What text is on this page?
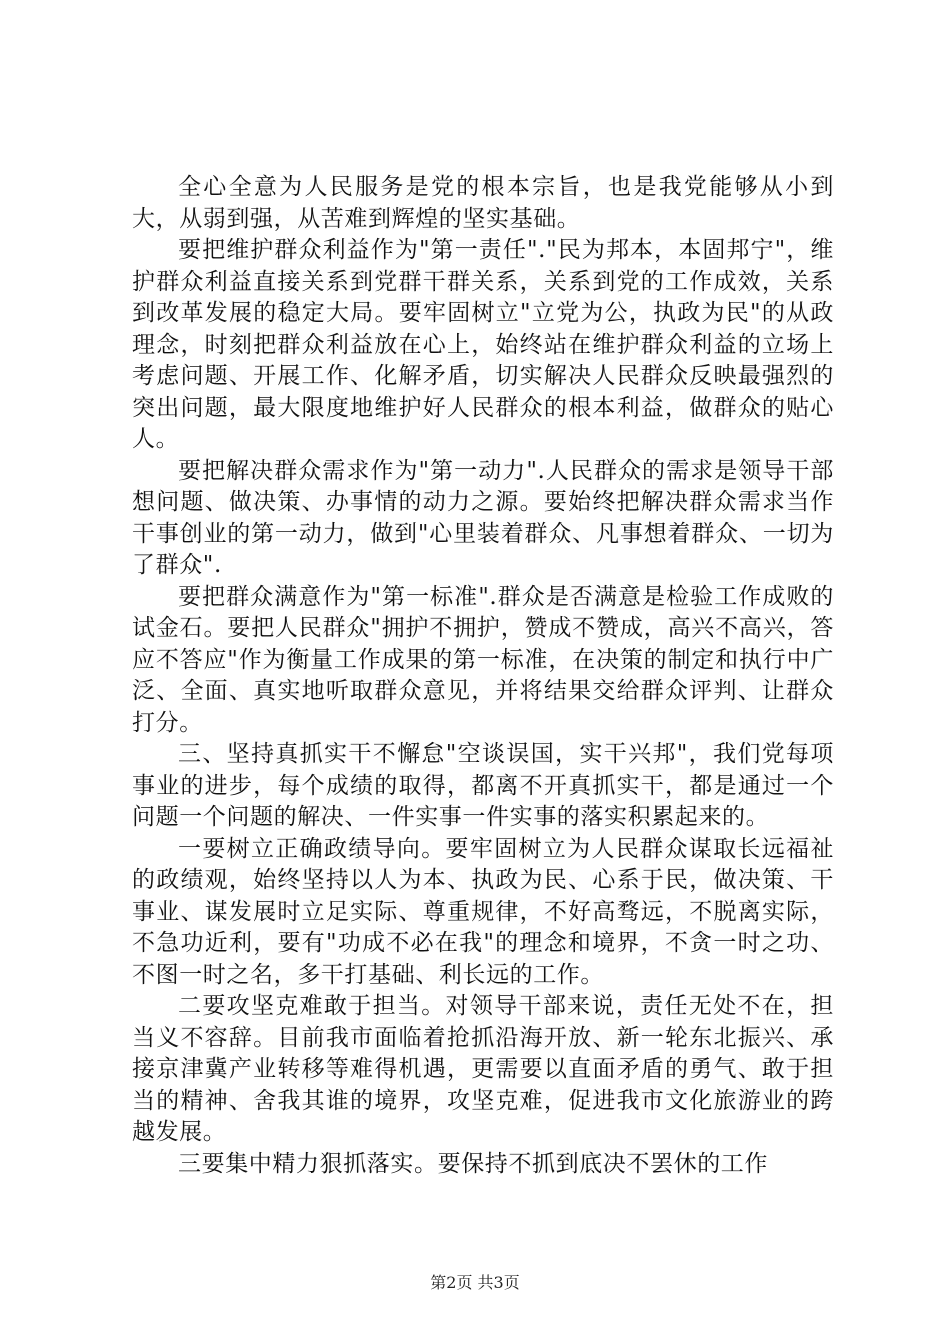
全心全意为人民服务是党的根本宗旨，也是我党能够从小到大，从弱到强，从苦难到辉煌的坚实基础。

要把维护群众利益作为"第一责任"."民为邦本，本固邦宁"，维护群众利益直接关系到党群干群关系，关系到党的工作成效，关系到改革发展的稳定大局。要牢固树立"立党为公，执政为民"的从政理念，时刻把群众利益放在心上，始终站在维护群众利益的立场上考虑问题、开展工作、化解矛盾，切实解决人民群众反映最强烈的突出问题，最大限度地维护好人民群众的根本利益，做群众的贴心人。

要把解决群众需求作为"第一动力".人民群众的需求是领导干部想问题、做决策、办事情的动力之源。要始终把解决群众需求当作干事创业的第一动力，做到"心里装着群众、凡事想着群众、一切为了群众".

要把群众满意作为"第一标准".群众是否满意是检验工作成败的试金石。要把人民群众"拥护不拥护，赞成不赞成，高兴不高兴，答应不答应"作为衡量工作成果的第一标准，在决策的制定和执行中广泛、全面、真实地听取群众意见，并将结果交给群众评判、让群众打分。

三、坚持真抓实干不懈怠"空谈误国，实干兴邦"，我们党每项事业的进步，每个成绩的取得，都离不开真抓实干，都是通过一个问题一个问题的解决、一件实事一件实事的落实积累起来的。

一要树立正确政绩导向。要牢固树立为人民群众谋取长远福祉的政绩观，始终坚持以人为本、执政为民、心系于民，做决策、干事业、谋发展时立足实际、尊重规律，不好高骛远，不脱离实际，不急功近利，要有"功成不必在我"的理念和境界，不贪一时之功、不图一时之名，多干打基础、利长远的工作。

二要攻坚克难敢于担当。对领导干部来说，责任无处不在，担当义不容辞。目前我市面临着抢抓沿海开放、新一轮东北振兴、承接京津冀产业转移等难得机遇，更需要以直面矛盾的勇气、敢于担当的精神、舍我其谁的境界，攻坚克难，促进我市文化旅游业的跨越发展。

三要集中精力狠抓落实。要保持不抓到底决不罢休的工作

第2页 共3页
